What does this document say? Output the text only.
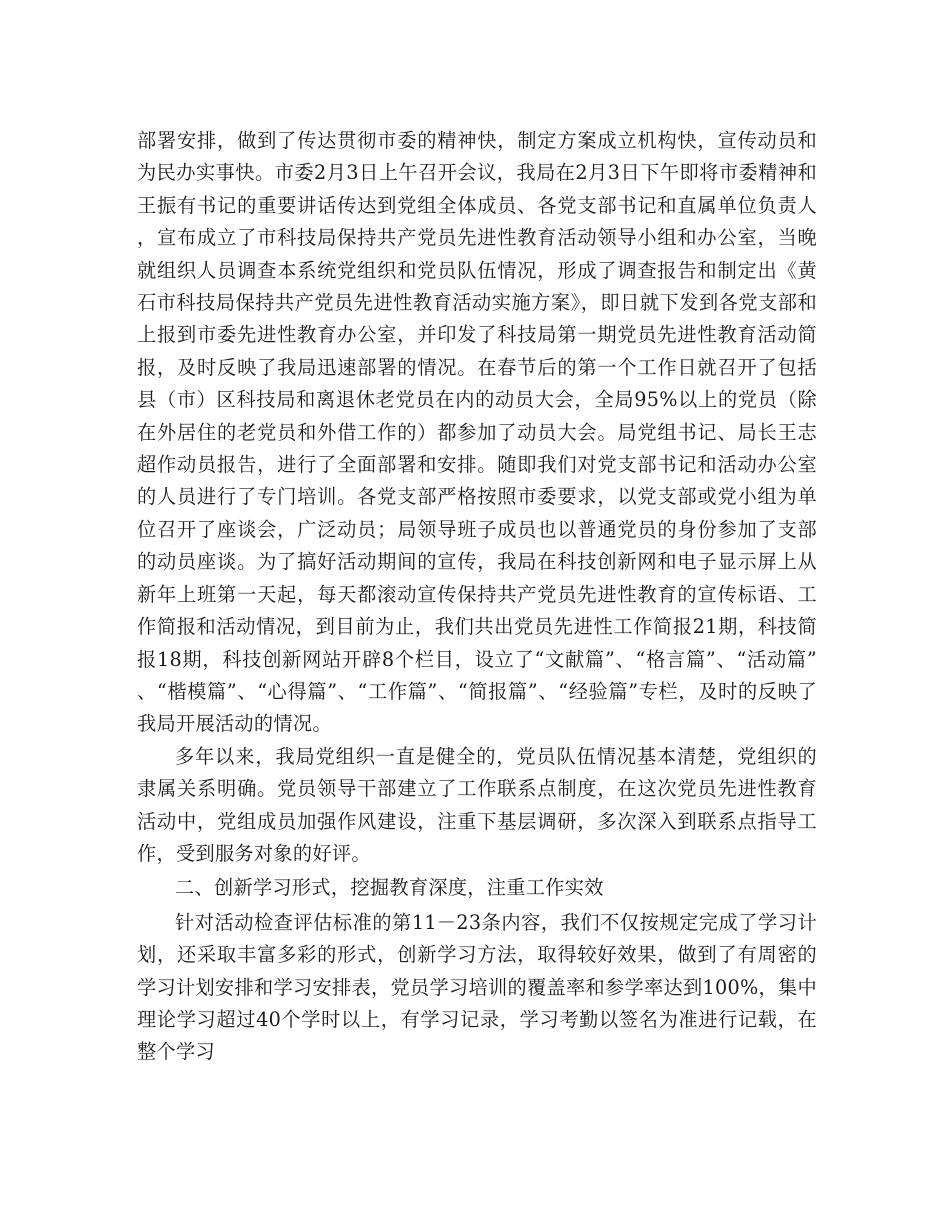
部署安排，做到了传达贯彻市委的精神快，制定方案成立机构快，宣传动员和为民办实事快。市委2月3日上午召开会议，我局在2月3日下午即将市委精神和王振有书记的重要讲话传达到党组全体成员、各党支部书记和直属单位负责人，宣布成立了市科技局保持共产党员先进性教育活动领导小组和办公室，当晚就组织人员调查本系统党组织和党员队伍情况，形成了调查报告和制定出《黄石市科技局保持共产党员先进性教育活动实施方案》，即日就下发到各党支部和上报到市委先进性教育办公室，并印发了科技局第一期党员先进性教育活动简报，及时反映了我局迅速部署的情况。在春节后的第一个工作日就召开了包括县（市）区科技局和离退休老党员在内的动员大会，全局95%以上的党员（除在外居住的老党员和外借工作的）都参加了动员大会。局党组书记、局长王志超作动员报告，进行了全面部署和安排。随即我们对党支部书记和活动办公室的人员进行了专门培训。各党支部严格按照市委要求，以党支部或党小组为单位召开了座谈会，广泛动员；局领导班子成员也以普通党员的身份参加了支部的动员座谈。为了搞好活动期间的宣传，我局在科技创新网和电子显示屏上从新年上班第一天起，每天都滚动宣传保持共产党员先进性教育的宣传标语、工作简报和活动情况，到目前为止，我们共出党员先进性工作简报21期，科技简报18期，科技创新网站开辟8个栏目，设立了“文献篇”、“格言篇”、“活动篇”、“楷模篇”、“心得篇”、“工作篇”、“简报篇”、“经验篇”专栏，及时的反映了我局开展活动的情况。

多年以来，我局党组织一直是健全的，党员队伍情况基本清楚，党组织的隶属关系明确。党员领导干部建立了工作联系点制度，在这次党员先进性教育活动中，党组成员加强作风建设，注重下基层调研，多次深入到联系点指导工作，受到服务对象的好评。

二、创新学习形式，挖掘教育深度，注重工作实效

针对活动检查评估标准的第11－23条内容，我们不仅按规定完成了学习计划，还采取丰富多彩的形式，创新学习方法，取得较好效果，做到了有周密的学习计划安排和学习安排表，党员学习培训的覆盖率和参学率达到100%，集中理论学习超过40个学时以上，有学习记录，学习考勤以签名为准进行记载，在整个学习
